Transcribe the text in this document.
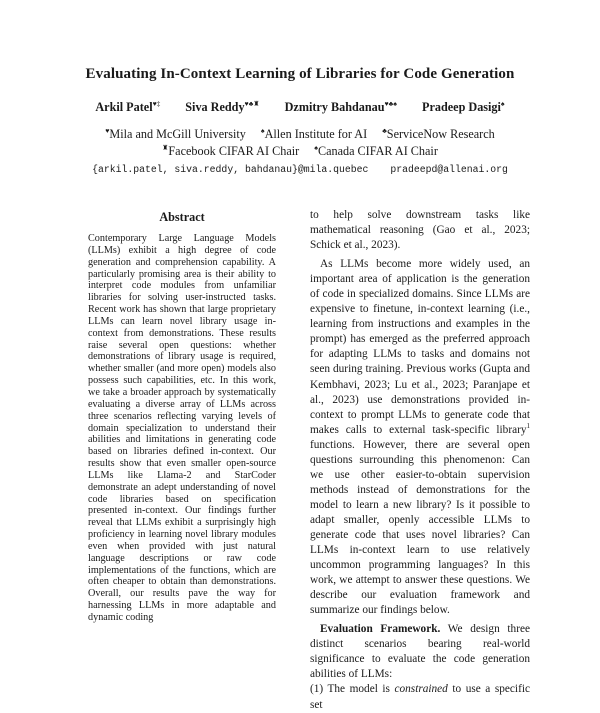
Evaluating In-Context Learning of Libraries for Code Generation
Arkil Patel♥‡ Siva Reddy♥♣♜ Dzmitry Bahdanau♥♣♠ Pradeep Dasigi♠
♥Mila and McGill University ♠Allen Institute for AI ♣ServiceNow Research
♜Facebook CIFAR AI Chair ♠Canada CIFAR AI Chair
{arkil.patel, siva.reddy, bahdanau}@mila.quebec pradeepd@allenai.org
Abstract
Contemporary Large Language Models (LLMs) exhibit a high degree of code generation and comprehension capability. A particularly promising area is their ability to interpret code modules from unfamiliar libraries for solving user-instructed tasks. Recent work has shown that large proprietary LLMs can learn novel library usage in-context from demonstrations. These results raise several open questions: whether demonstrations of library usage is required, whether smaller (and more open) models also possess such capabilities, etc. In this work, we take a broader approach by systematically evaluating a diverse array of LLMs across three scenarios reflecting varying levels of domain specialization to understand their abilities and limitations in generating code based on libraries defined in-context. Our results show that even smaller open-source LLMs like Llama-2 and StarCoder demonstrate an adept understanding of novel code libraries based on specification presented in-context. Our findings further reveal that LLMs exhibit a surprisingly high proficiency in learning novel library modules even when provided with just natural language descriptions or raw code implementations of the functions, which are often cheaper to obtain than demonstrations. Overall, our results pave the way for harnessing LLMs in more adaptable and dynamic coding

to help solve downstream tasks like mathematical reasoning (Gao et al., 2023; Schick et al., 2023).

As LLMs become more widely used, an important area of application is the generation of code in specialized domains. Since LLMs are expensive to finetune, in-context learning (i.e., learning from instructions and examples in the prompt) has emerged as the preferred approach for adapting LLMs to tasks and domains not seen during training. Previous works (Gupta and Kembhavi, 2023; Lu et al., 2023; Paranjape et al., 2023) use demonstrations provided in-context to prompt LLMs to generate code that makes calls to external task-specific library$^1$ functions. However, there are several open questions surrounding this phenomenon: Can we use other easier-to-obtain supervision methods instead of demonstrations for the model to learn a new library? Is it possible to adapt smaller, openly accessible LLMs to generate code that uses novel libraries? Can LLMs in-context learn to use relatively uncommon programming languages? In this work, we attempt to answer these questions. We describe our evaluation framework and summarize our findings below.

Evaluation Framework. We design three distinct scenarios bearing real-world significance to evaluate the code generation abilities of LLMs:

(1) The model is constrained to use a specific set
